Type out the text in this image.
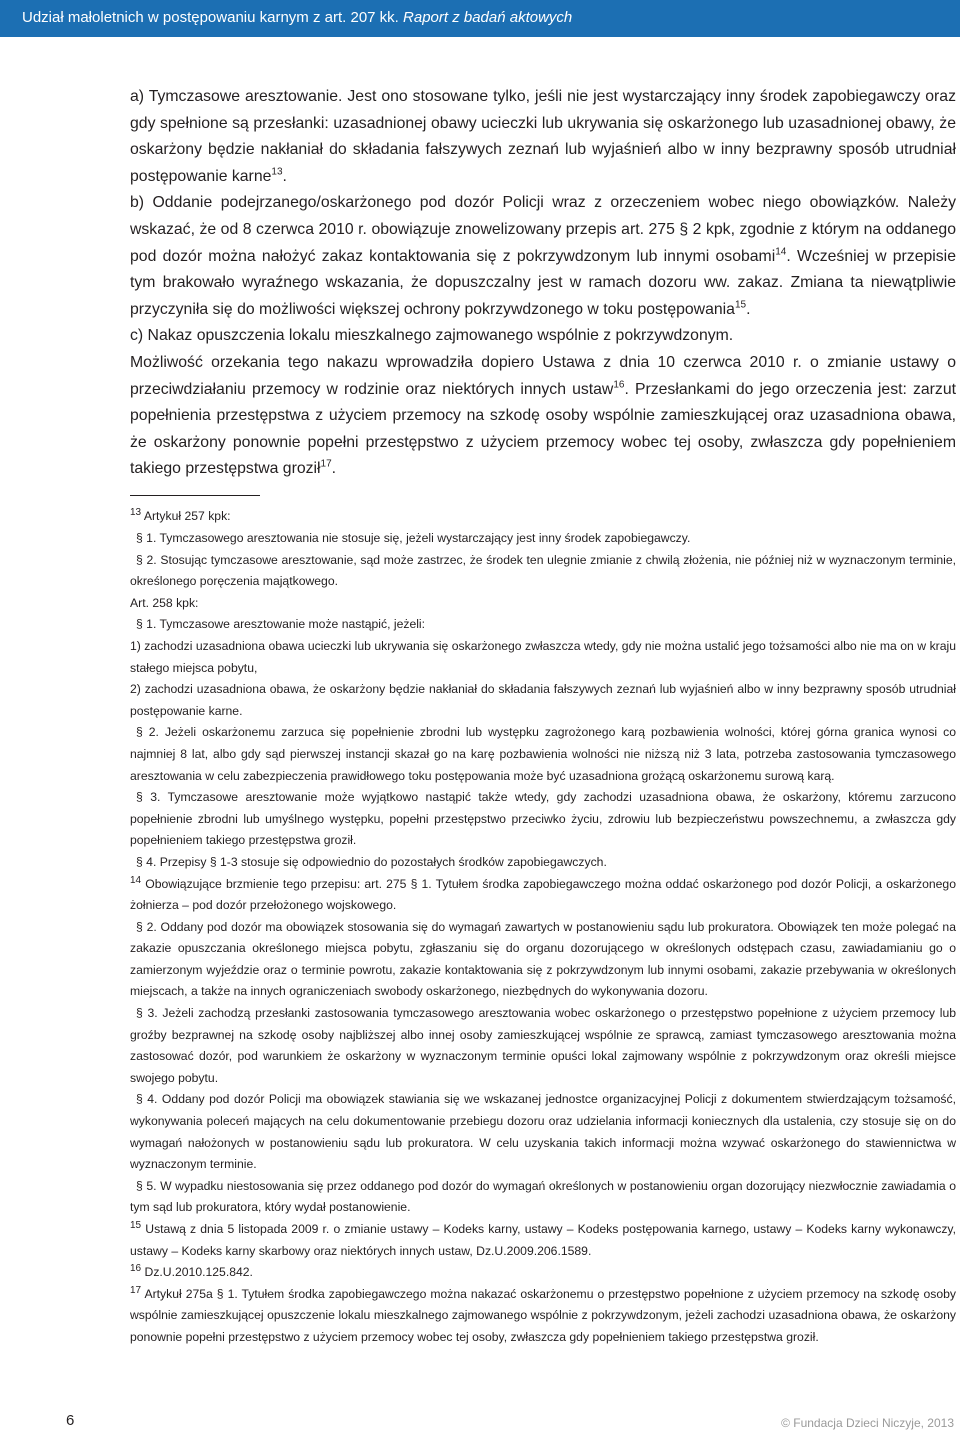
Udział małoletnich w postępowaniu karnym z art. 207 kk. Raport z badań aktowych

a) Tymczasowe aresztowanie. Jest ono stosowane tylko, jeśli nie jest wystarczający inny środek zapobiegawczy oraz gdy spełnione są przesłanki: uzasadnionej obawy ucieczki lub ukrywania się oskarżonego lub uzasadnionej obawy, że oskarżony będzie nakłaniał do składania fałszywych zeznań lub wyjaśnień albo w inny bezprawny sposób utrudniał postępowanie karne$^{13}$.

b) Oddanie podejrzanego/oskarżonego pod dozór Policji wraz z orzeczeniem wobec niego obowiązków. Należy wskazać, że od 8 czerwca 2010 r. obowiązuje znowelizowany przepis art. 275 § 2 kpk, zgodnie z którym na oddanego pod dozór można nałożyć zakaz kontaktowania się z pokrzywdzonym lub innymi osobami$^{14}$. Wcześniej w przepisie tym brakowało wyraźnego wskazania, że dopuszczalny jest w ramach dozoru ww. zakaz. Zmiana ta niewątpliwie przyczyniła się do możliwości większej ochrony pokrzywdzonego w toku postępowania$^{15}$.

c) Nakaz opuszczenia lokalu mieszkalnego zajmowanego wspólnie z pokrzywdzonym.

Możliwość orzekania tego nakazu wprowadziła dopiero Ustawa z dnia 10 czerwca 2010 r. o zmianie ustawy o przeciwdziałaniu przemocy w rodzinie oraz niektórych innych ustaw$^{16}$. Przesłankami do jego orzeczenia jest: zarzut popełnienia przestępstwa z użyciem przemocy na szkodę osoby wspólnie zamieszkującej oraz uzasadniona obawa, że oskarżony ponownie popełni przestępstwo z użyciem przemocy wobec tej osoby, zwłaszcza gdy popełnieniem takiego przestępstwa groził$^{17}$.

$^{13}$ Artykuł 257 kpk:

§ 1. Tymczasowego aresztowania nie stosuje się, jeżeli wystarczający jest inny środek zapobiegawczy.

§ 2. Stosując tymczasowe aresztowanie, sąd może zastrzec, że środek ten ulegnie zmianie z chwilą złożenia, nie później niż w wyznaczonym terminie, określonego poręczenia majątkowego.

Art. 258 kpk:

§ 1. Tymczasowe aresztowanie może nastąpić, jeżeli:

1) zachodzi uzasadniona obawa ucieczki lub ukrywania się oskarżonego zwłaszcza wtedy, gdy nie można ustalić jego tożsamości albo nie ma on w kraju stałego miejsca pobytu,

2) zachodzi uzasadniona obawa, że oskarżony będzie nakłaniał do składania fałszywych zeznań lub wyjaśnień albo w inny bezprawny sposób utrudniał postępowanie karne.

§ 2. Jeżeli oskarżonemu zarzuca się popełnienie zbrodni lub występku zagrożonego karą pozbawienia wolności, której górna granica wynosi co najmniej 8 lat, albo gdy sąd pierwszej instancji skazał go na karę pozbawienia wolności nie niższą niż 3 lata, potrzeba zastosowania tymczasowego aresztowania w celu zabezpieczenia prawidłowego toku postępowania może być uzasadniona grożącą oskarżonemu surową karą.

§ 3. Tymczasowe aresztowanie może wyjątkowo nastąpić także wtedy, gdy zachodzi uzasadniona obawa, że oskarżony, któremu zarzucono popełnienie zbrodni lub umyślnego występku, popełni przestępstwo przeciwko życiu, zdrowiu lub bezpieczeństwu powszechnemu, a zwłaszcza gdy popełnieniem takiego przestępstwa groził.

§ 4. Przepisy § 1-3 stosuje się odpowiednio do pozostałych środków zapobiegawczych.

$^{14}$ Obowiązujące brzmienie tego przepisu: art. 275 § 1. Tytułem środka zapobiegawczego można oddać oskarżonego pod dozór Policji, a oskarżonego żołnierza – pod dozór przełożonego wojskowego.

§ 2. Oddany pod dozór ma obowiązek stosowania się do wymagań zawartych w postanowieniu sądu lub prokuratora. Obowiązek ten może polegać na zakazie opuszczania określonego miejsca pobytu, zgłaszaniu się do organu dozorującego w określonych odstępach czasu, zawiadamianiu go o zamierzonym wyjeździe oraz o terminie powrotu, zakazie kontaktowania się z pokrzywdzonym lub innymi osobami, zakazie przebywania w określonych miejscach, a także na innych ograniczeniach swobody oskarżonego, niezbędnych do wykonywania dozoru.

§ 3. Jeżeli zachodzą przesłanki zastosowania tymczasowego aresztowania wobec oskarżonego o przestępstwo popełnione z użyciem przemocy lub groźby bezprawnej na szkodę osoby najbliższej albo innej osoby zamieszkującej wspólnie ze sprawcą, zamiast tymczasowego aresztowania można zastosować dozór, pod warunkiem że oskarżony w wyznaczonym terminie opuści lokal zajmowany wspólnie z pokrzywdzonym oraz określi miejsce swojego pobytu.

§ 4. Oddany pod dozór Policji ma obowiązek stawiania się we wskazanej jednostce organizacyjnej Policji z dokumentem stwierdzającym tożsamość, wykonywania poleceń mających na celu dokumentowanie przebiegu dozoru oraz udzielania informacji koniecznych dla ustalenia, czy stosuje się on do wymagań nałożonych w postanowieniu sądu lub prokuratora. W celu uzyskania takich informacji można wzywać oskarżonego do stawiennictwa w wyznaczonym terminie.

§ 5. W wypadku niestosowania się przez oddanego pod dozór do wymagań określonych w postanowieniu organ dozorujący niezwłocznie zawiadamia o tym sąd lub prokuratora, który wydał postanowienie.

$^{15}$ Ustawą z dnia 5 listopada 2009 r. o zmianie ustawy – Kodeks karny, ustawy – Kodeks postępowania karnego, ustawy – Kodeks karny wykonawczy, ustawy – Kodeks karny skarbowy oraz niektórych innych ustaw, Dz.U.2009.206.1589.

$^{16}$ Dz.U.2010.125.842.

$^{17}$ Artykuł 275a § 1. Tytułem środka zapobiegawczego można nakazać oskarżonemu o przestępstwo popełnione z użyciem przemocy na szkodę osoby wspólnie zamieszkującej opuszczenie lokalu mieszkalnego zajmowanego wspólnie z pokrzywdzonym, jeżeli zachodzi uzasadniona obawa, że oskarżony ponownie popełni przestępstwo z użyciem przemocy wobec tej osoby, zwłaszcza gdy popełnieniem takiego przestępstwa groził.

6	© Fundacja Dzieci Niczyje, 2013
